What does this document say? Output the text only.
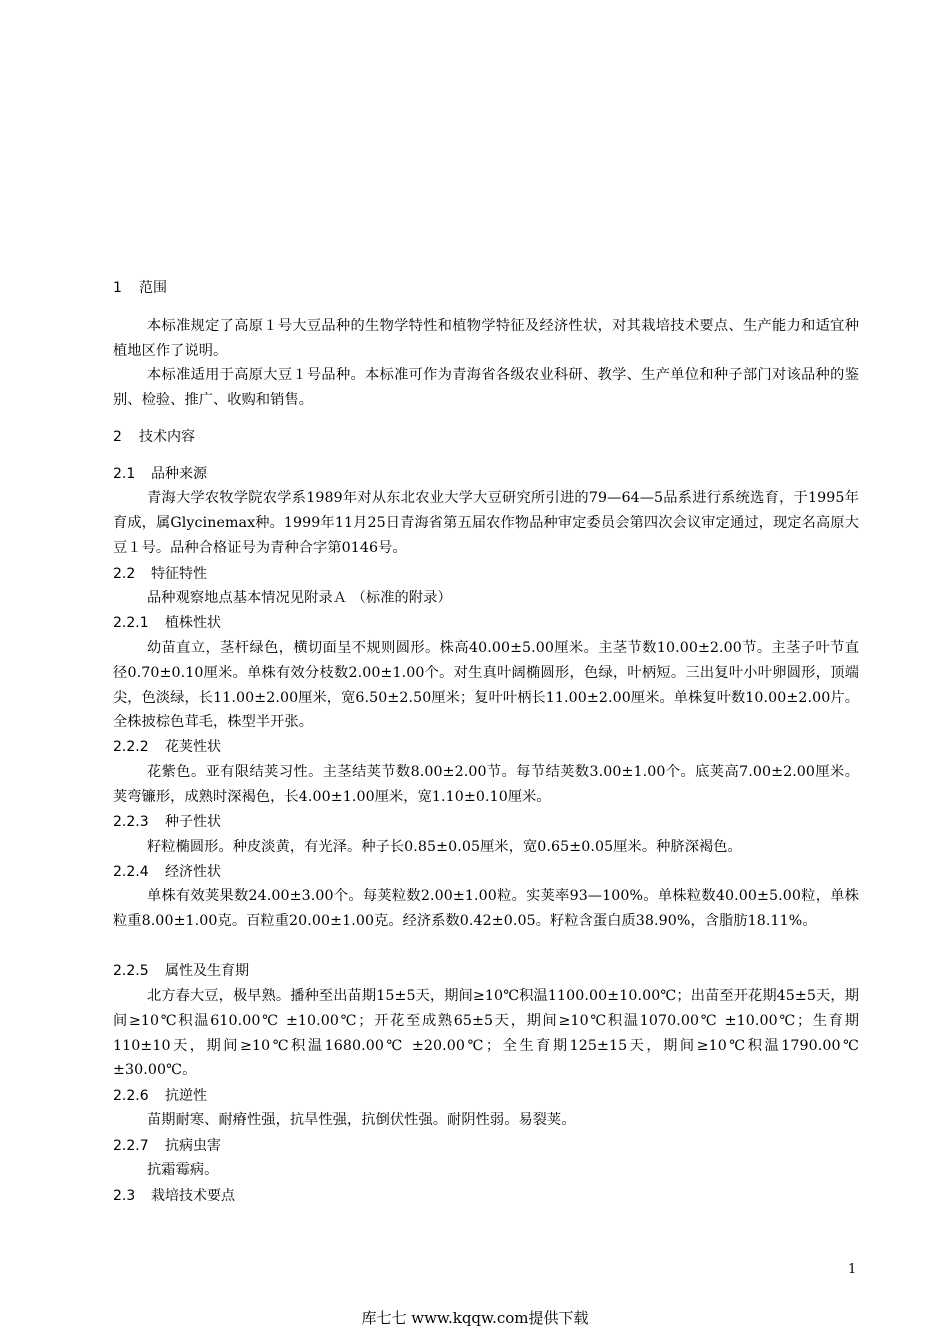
1 范围

本标准规定了高原１号大豆品种的生物学特性和植物学特征及经济性状，对其栽培技术要点、生产能力和适宜种植地区作了说明。

本标准适用于高原大豆１号品种。本标准可作为青海省各级农业科研、教学、生产单位和种子部门对该品种的鉴别、检验、推广、收购和销售。

2 技术内容
2.1 品种来源

青海大学农牧学院农学系1989年对从东北农业大学大豆研究所引进的79—64—5品系进行系统选育，于1995年育成，属Glycinemax种。1999年11月25日青海省第五届农作物品种审定委员会第四次会议审定通过，现定名高原大豆１号。品种合格证号为青种合字第0146号。

2.2 特征特性

品种观察地点基本情况见附录Ａ （标准的附录）

2.2.1 植株性状

幼苗直立，茎杆绿色，横切面呈不规则圆形。株高40.00±5.00厘米。主茎节数10.00±2.00节。主茎子叶节直径0.70±0.10厘米。单株有效分枝数2.00±1.00个。对生真叶阔椭圆形，色绿，叶柄短。三出复叶小叶卵圆形，顶端尖，色淡绿，长11.00±2.00厘米，宽6.50±2.50厘米；复叶叶柄长11.00±2.00厘米。单株复叶数10.00±2.00片。全株披棕色茸毛，株型半开张。

2.2.2 花荚性状

花紫色。亚有限结荚习性。主茎结荚节数8.00±2.00节。每节结荚数3.00±1.00个。底荚高7.00±2.00厘米。荚弯镰形，成熟时深褐色，长4.00±1.00厘米，宽1.10±0.10厘米。

2.2.3 种子性状

籽粒椭圆形。种皮淡黄，有光泽。种子长0.85±0.05厘米，宽0.65±0.05厘米。种脐深褐色。

2.2.4 经济性状

单株有效荚果数24.00±3.00个。每荚粒数2.00±1.00粒。实荚率93—100%。单株粒数40.00±5.00粒，单株粒重8.00±1.00克。百粒重20.00±1.00克。经济系数0.42±0.05。籽粒含蛋白质38.90%，含脂肪18.11%。

2.2.5 属性及生育期

北方春大豆，极早熟。播种至出苗期15±5天，期间≥10℃积温1100.00±10.00℃；出苗至开花期45±5天，期间≥10℃积温610.00℃ ±10.00℃；开花至成熟65±5天，期间≥10℃积温1070.00℃ ±10.00℃；生育期110±10天，期间≥10℃积温1680.00℃ ±20.00℃；全生育期125±15天，期间≥10℃积温1790.00℃ ±30.00℃。

2.2.6 抗逆性

苗期耐寒、耐瘠性强，抗旱性强，抗倒伏性强。耐阴性弱。易裂荚。

2.2.7 抗病虫害

抗霜霉病。

2.3 栽培技术要点
1
库七七 www.kqqw.com提供下载
